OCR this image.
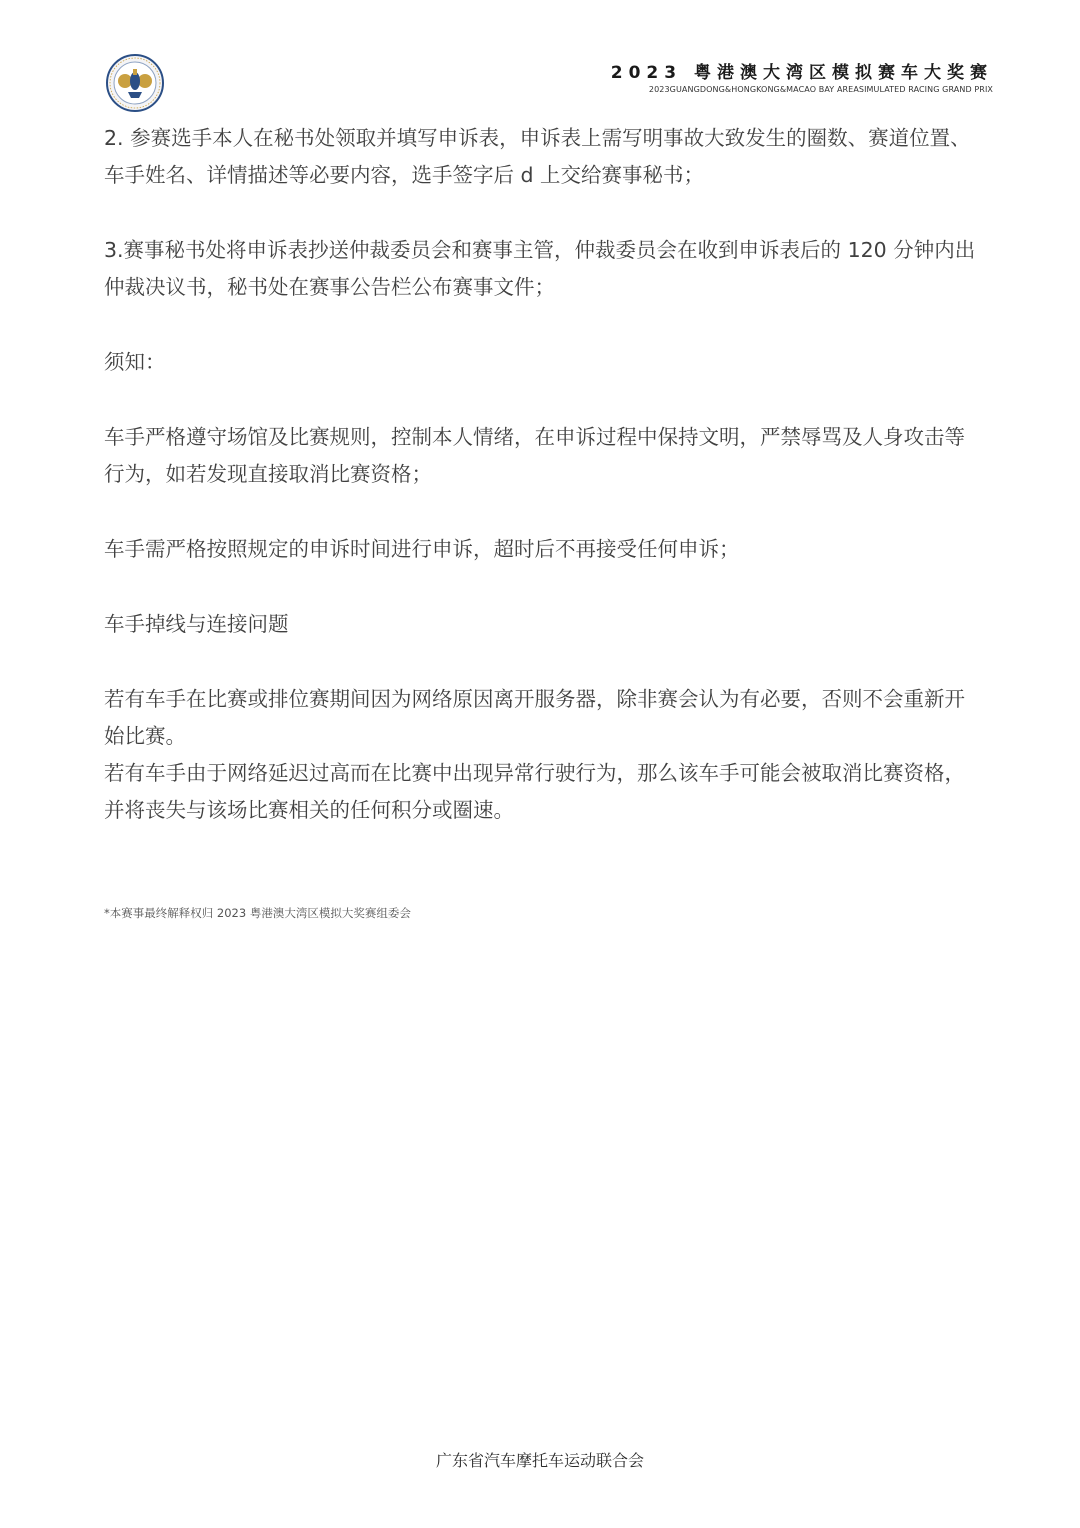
2023 粤港澳大湾区模拟赛车大奖赛
2023GUANGDONG&HONGKONG&MACAO BAY AREASIMULATED RACING GRAND PRIX

2. 参赛选手本人在秘书处领取并填写申诉表，申诉表上需写明事故大致发生的圈数、赛道位置、车手姓名、详情描述等必要内容，选手签字后 d 上交给赛事秘书；

3.赛事秘书处将申诉表抄送仲裁委员会和赛事主管，仲裁委员会在收到申诉表后的 120 分钟内出仲裁决议书，秘书处在赛事公告栏公布赛事文件；

须知：

车手严格遵守场馆及比赛规则，控制本人情绪，在申诉过程中保持文明，严禁辱骂及人身攻击等行为，如若发现直接取消比赛资格；

车手需严格按照规定的申诉时间进行申诉，超时后不再接受任何申诉；

车手掉线与连接问题

若有车手在比赛或排位赛期间因为网络原因离开服务器，除非赛会认为有必要，否则不会重新开始比赛。

若有车手由于网络延迟过高而在比赛中出现异常行驶行为，那么该车手可能会被取消比赛资格，并将丧失与该场比赛相关的任何积分或圈速。

*本赛事最终解释权归 2023 粤港澳大湾区模拟大奖赛组委会
广东省汽车摩托车运动联合会
